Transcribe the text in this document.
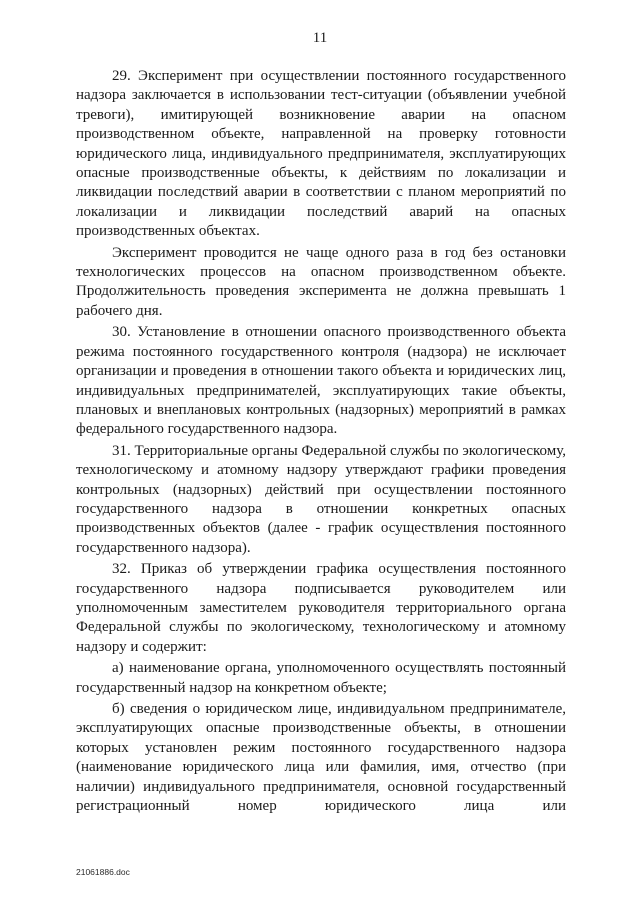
11

29. Эксперимент при осуществлении постоянного государственного надзора заключается в использовании тест-ситуации (объявлении учебной тревоги), имитирующей возникновение аварии на опасном производственном объекте, направленной на проверку готовности юридического лица, индивидуального предпринимателя, эксплуатирующих опасные производственные объекты, к действиям по локализации и ликвидации последствий аварии в соответствии с планом мероприятий по локализации и ликвидации последствий аварий на опасных производственных объектах.

Эксперимент проводится не чаще одного раза в год без остановки технологических процессов на опасном производственном объекте. Продолжительность проведения эксперимента не должна превышать 1 рабочего дня.

30. Установление в отношении опасного производственного объекта режима постоянного государственного контроля (надзора) не исключает организации и проведения в отношении такого объекта и юридических лиц, индивидуальных предпринимателей, эксплуатирующих такие объекты, плановых и внеплановых контрольных (надзорных) мероприятий в рамках федерального государственного надзора.

31. Территориальные органы Федеральной службы по экологическому, технологическому и атомному надзору утверждают графики проведения контрольных (надзорных) действий при осуществлении постоянного государственного надзора в отношении конкретных опасных производственных объектов (далее - график осуществления постоянного государственного надзора).

32. Приказ об утверждении графика осуществления постоянного государственного надзора подписывается руководителем или уполномоченным заместителем руководителя территориального органа Федеральной службы по экологическому, технологическому и атомному надзору и содержит:

а) наименование органа, уполномоченного осуществлять постоянный государственный надзор на конкретном объекте;

б) сведения о юридическом лице, индивидуальном предпринимателе, эксплуатирующих опасные производственные объекты, в отношении которых установлен режим постоянного государственного надзора (наименование юридического лица или фамилия, имя, отчество (при наличии) индивидуального предпринимателя, основной государственный регистрационный номер юридического лица или

21061886.doc
